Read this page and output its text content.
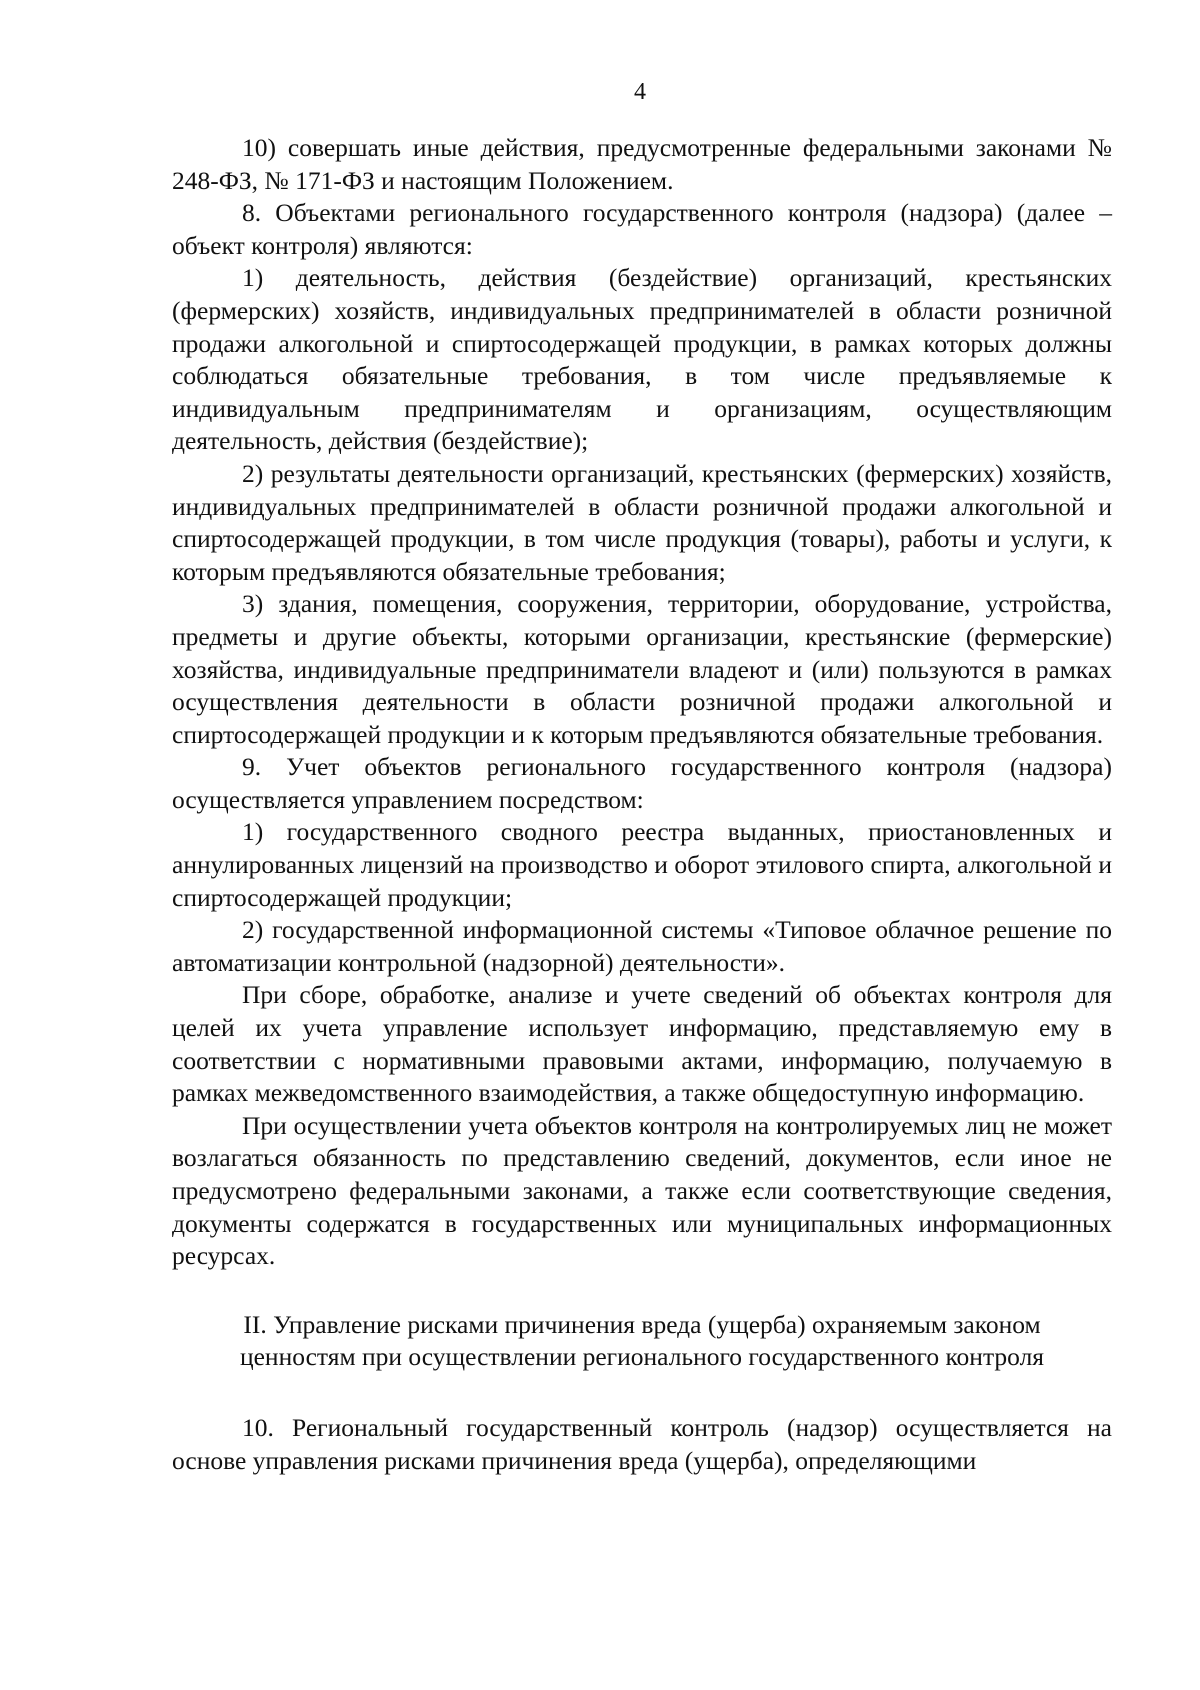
4

10) совершать иные действия, предусмотренные федеральными законами № 248-ФЗ, № 171-ФЗ и настоящим Положением.

8. Объектами регионального государственного контроля (надзора) (далее – объект контроля) являются:

1) деятельность, действия (бездействие) организаций, крестьянских (фермерских) хозяйств, индивидуальных предпринимателей в области розничной продажи алкогольной и спиртосодержащей продукции, в рамках которых должны соблюдаться обязательные требования, в том числе предъявляемые к индивидуальным предпринимателям и организациям, осуществляющим деятельность, действия (бездействие);

2) результаты деятельности организаций, крестьянских (фермерских) хозяйств, индивидуальных предпринимателей в области розничной продажи алкогольной и спиртосодержащей продукции, в том числе продукция (товары), работы и услуги, к которым предъявляются обязательные требования;

3) здания, помещения, сооружения, территории, оборудование, устройства, предметы и другие объекты, которыми организации, крестьянские (фермерские) хозяйства, индивидуальные предприниматели владеют и (или) пользуются в рамках осуществления деятельности в области розничной продажи алкогольной и спиртосодержащей продукции и к которым предъявляются обязательные требования.

9. Учет объектов регионального государственного контроля (надзора) осуществляется управлением посредством:

1) государственного сводного реестра выданных, приостановленных и аннулированных лицензий на производство и оборот этилового спирта, алкогольной и спиртосодержащей продукции;

2) государственной информационной системы «Типовое облачное решение по автоматизации контрольной (надзорной) деятельности».

При сборе, обработке, анализе и учете сведений об объектах контроля для целей их учета управление использует информацию, представляемую ему в соответствии с нормативными правовыми актами, информацию, получаемую в рамках межведомственного взаимодействия, а также общедоступную информацию.

При осуществлении учета объектов контроля на контролируемых лиц не может возлагаться обязанность по представлению сведений, документов, если иное не предусмотрено федеральными законами, а также если соответствующие сведения, документы содержатся в государственных или муниципальных информационных ресурсах.

II. Управление рисками причинения вреда (ущерба) охраняемым законом
ценностям при осуществлении регионального государственного контроля

10. Региональный государственный контроль (надзор) осуществляется на основе управления рисками причинения вреда (ущерба), определяющими
